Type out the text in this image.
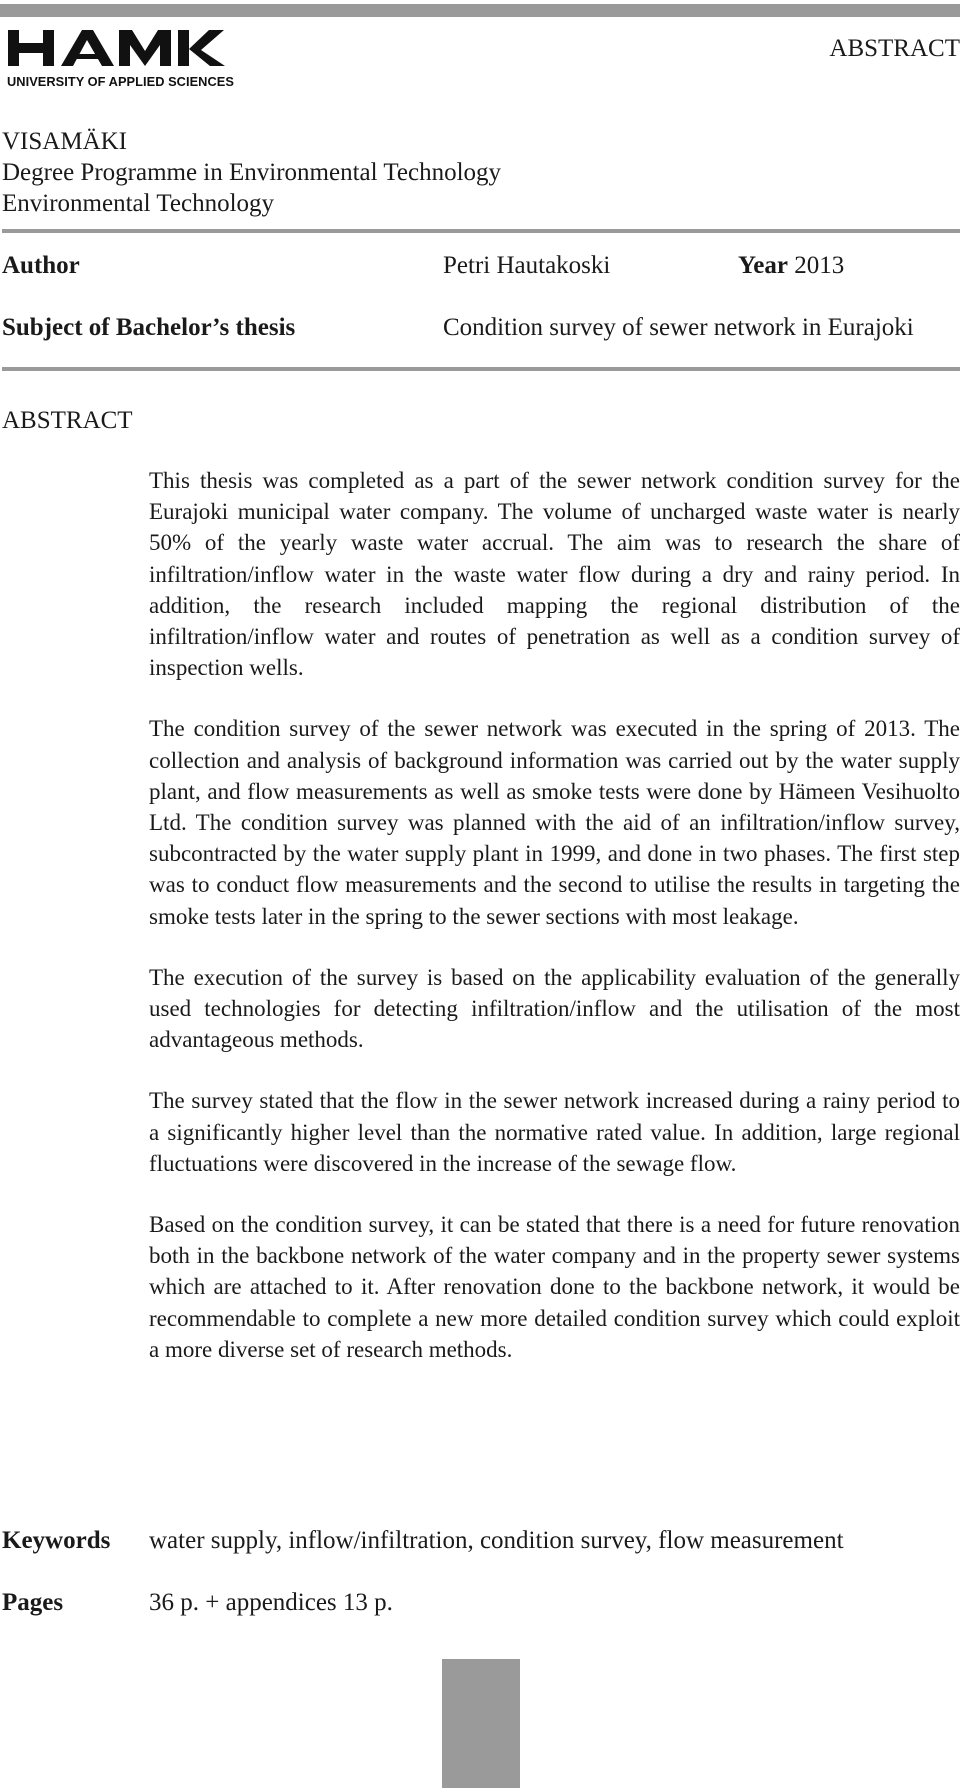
UNIVERSITY OF APPLIED SCIENCES
ABSTRACT
VISAMÄKI
Degree Programme in Environmental Technology
Environmental Technology
Author	Petri Hautakoski	Year 2013
Subject of Bachelor’s thesis	Condition survey of sewer network in Eurajoki
ABSTRACT

This thesis was completed as a part of the sewer network condition survey for the Eurajoki municipal water company. The volume of uncharged waste water is nearly 50% of the yearly waste water accrual. The aim was to research the share of infiltration/inflow water in the waste water flow during a dry and rainy period. In addition, the research included mapping the regional distribution of the infiltration/inflow water and routes of penetration as well as a condition survey of inspection wells.

The condition survey of the sewer network was executed in the spring of 2013. The collection and analysis of background information was carried out by the water supply plant, and flow measurements as well as smoke tests were done by Hämeen Vesihuolto Ltd. The condition survey was planned with the aid of an infiltration/inflow survey, subcontracted by the water supply plant in 1999, and done in two phases. The first step was to conduct flow measurements and the second to utilise the results in targeting the smoke tests later in the spring to the sewer sections with most leakage.

The execution of the survey is based on the applicability evaluation of the generally used technologies for detecting infiltration/inflow and the utilisation of the most advantageous methods.

The survey stated that the flow in the sewer network increased during a rainy period to a significantly higher level than the normative rated value. In addition, large regional fluctuations were discovered in the increase of the sewage flow.

Based on the condition survey, it can be stated that there is a need for future renovation both in the backbone network of the water company and in the property sewer systems which are attached to it. After renovation done to the backbone network, it would be recommendable to complete a new more detailed condition survey which could exploit a more diverse set of research methods.

Keywords water supply, inflow/infiltration, condition survey, flow measurement
Pages	36 p. + appendices 13 p.
